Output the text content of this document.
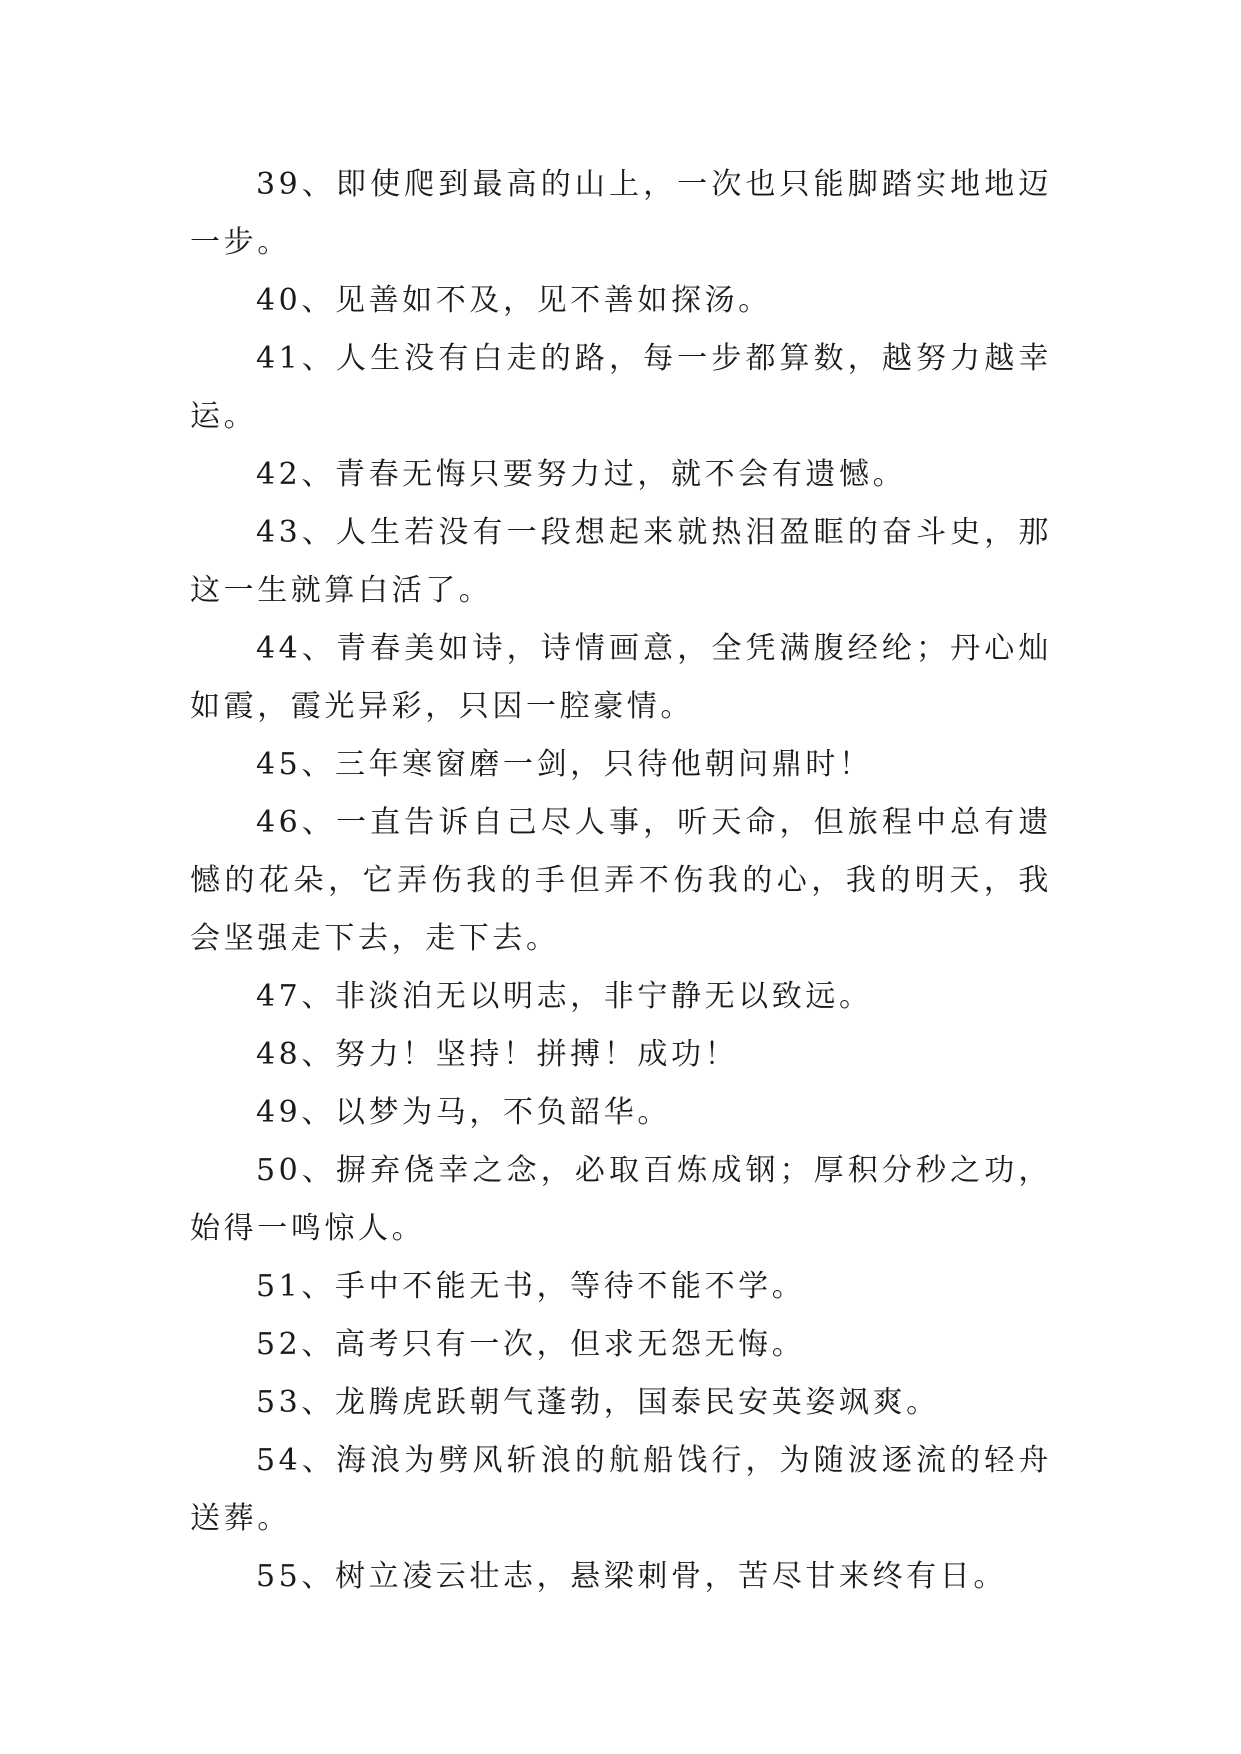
39、即使爬到最高的山上，一次也只能脚踏实地地迈一步。

40、见善如不及，见不善如探汤。

41、人生没有白走的路，每一步都算数，越努力越幸运。

42、青春无悔只要努力过，就不会有遗憾。

43、人生若没有一段想起来就热泪盈眶的奋斗史，那这一生就算白活了。

44、青春美如诗，诗情画意，全凭满腹经纶；丹心灿如霞，霞光异彩，只因一腔豪情。

45、三年寒窗磨一剑，只待他朝问鼎时！

46、一直告诉自己尽人事，听天命，但旅程中总有遗憾的花朵，它弄伤我的手但弄不伤我的心，我的明天，我会坚强走下去，走下去。

47、非淡泊无以明志，非宁静无以致远。

48、努力！坚持！拼搏！成功！

49、以梦为马，不负韶华。

50、摒弃侥幸之念，必取百炼成钢；厚积分秒之功，始得一鸣惊人。

51、手中不能无书，等待不能不学。

52、高考只有一次，但求无怨无悔。

53、龙腾虎跃朝气蓬勃，国泰民安英姿飒爽。

54、海浪为劈风斩浪的航船饯行，为随波逐流的轻舟送葬。

55、树立凌云壮志，悬梁刺骨，苦尽甘来终有日。
